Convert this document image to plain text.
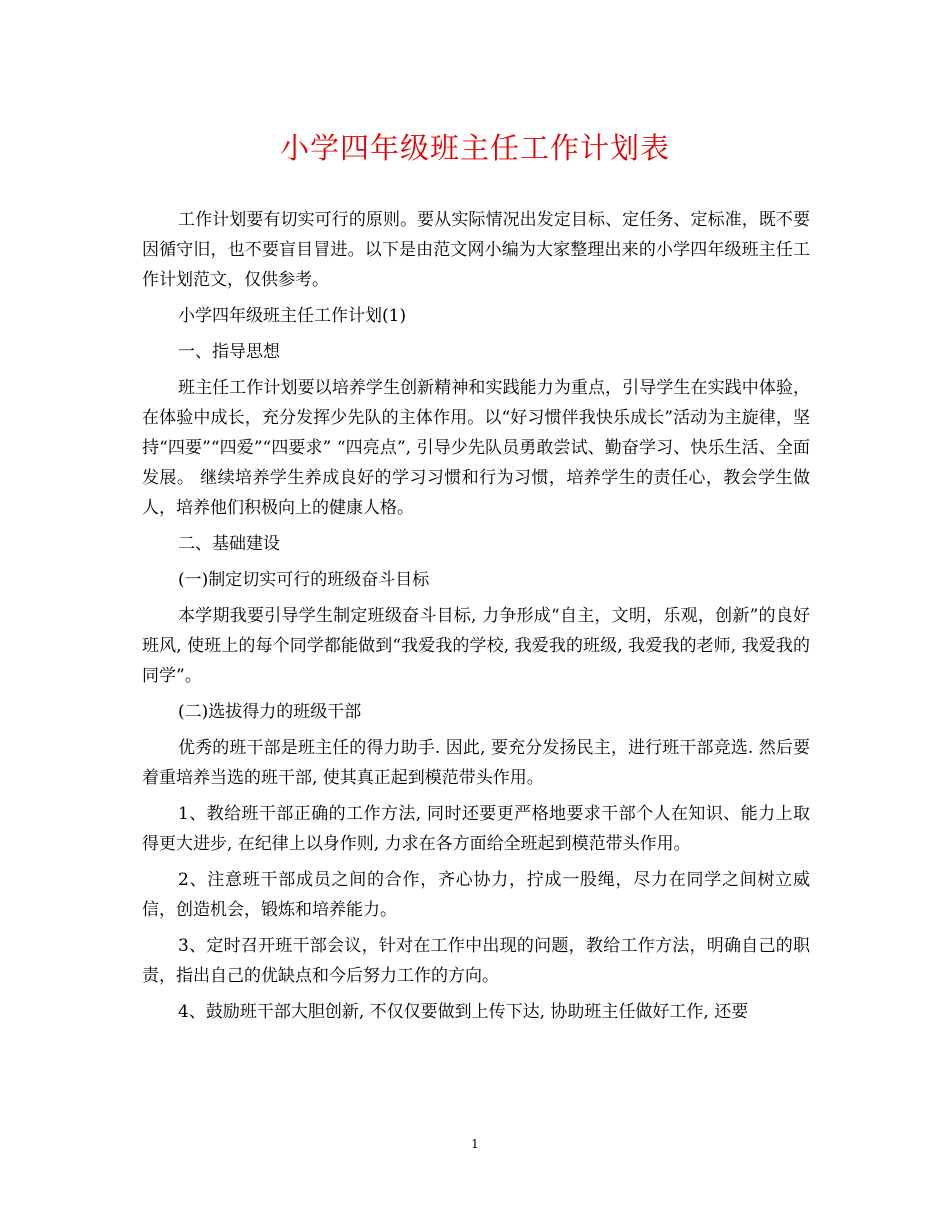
小学四年级班主任工作计划表

工作计划要有切实可行的原则。要从实际情况出发定目标、定任务、定标准，既不要因循守旧，也不要盲目冒进。以下是由范文网小编为大家整理出来的小学四年级班主任工作计划范文，仅供参考。

小学四年级班主任工作计划(1)

一、指导思想

班主任工作计划要以培养学生创新精神和实践能力为重点，引导学生在实践中体验，在体验中成长，充分发挥少先队的主体作用。以“好习惯伴我快乐成长”活动为主旋律，坚持“四要”“四爱”“四要求” “四亮点”, 引导少先队员勇敢尝试、勤奋学习、快乐生活、全面发展。 继续培养学生养成良好的学习习惯和行为习惯，培养学生的责任心，教会学生做人，培养他们积极向上的健康人格。

二、基础建设

(一)制定切实可行的班级奋斗目标

本学期我要引导学生制定班级奋斗目标, 力争形成“自主，文明，乐观，创新”的良好班风, 使班上的每个同学都能做到“我爱我的学校, 我爱我的班级, 我爱我的老师, 我爱我的同学”。

(二)选拔得力的班级干部

优秀的班干部是班主任的得力助手. 因此, 要充分发扬民主，进行班干部竞选. 然后要着重培养当选的班干部, 使其真正起到模范带头作用。

1、教给班干部正确的工作方法, 同时还要更严格地要求干部个人在知识、能力上取得更大进步, 在纪律上以身作则, 力求在各方面给全班起到模范带头作用。

2、注意班干部成员之间的合作，齐心协力，拧成一股绳，尽力在同学之间树立威信，创造机会，锻炼和培养能力。

3、定时召开班干部会议，针对在工作中出现的问题，教给工作方法，明确自己的职责，指出自己的优缺点和今后努力工作的方向。

4、鼓励班干部大胆创新, 不仅仅要做到上传下达, 协助班主任做好工作, 还要

1
